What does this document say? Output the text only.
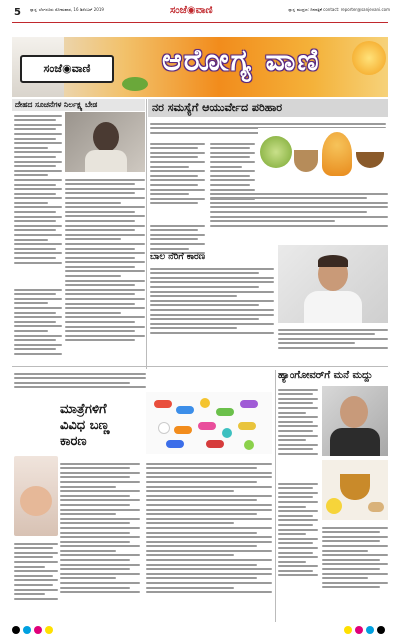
5 ಸ್ವಾಸ್ಥ್ಯ ಬೆಂಗಳೂರು ಸೋಮವಾರ, 16 ಡಿಸೆಂಬರ್ 2019	ಸಂಜೆ◉ವಾಣಿ	ಸ್ವಾಸ್ಥ್ಯ ಮುದ್ರಣ: ದಿನಪತ್ರಿಕೆ contact: reporter@sanjevani.com
ಸಂಜೆ◉ವಾಣಿ ಆರೋಗ್ಯ ವಾಣಿ
ದೇಹದ ಸೂಚನೆಗಳ ನಿರ್ಲಕ್ಷ್ಯ ಬೇಡ	ನರ ಸಮಸ್ಯೆಗೆ ಆಯುರ್ವೇದ ಪರಿಹಾರ
ಬಾಲ ನೆರಿಗೆ ಕಾರಣ
ಮಾತ್ರೆಗಳಿಗೆ
ವಿವಿಧ ಬಣ್ಣ
ಕಾರಣ
ಹ್ಯಾಂಗೋವರ್‌ಗೆ ಮನೆ ಮದ್ದು
